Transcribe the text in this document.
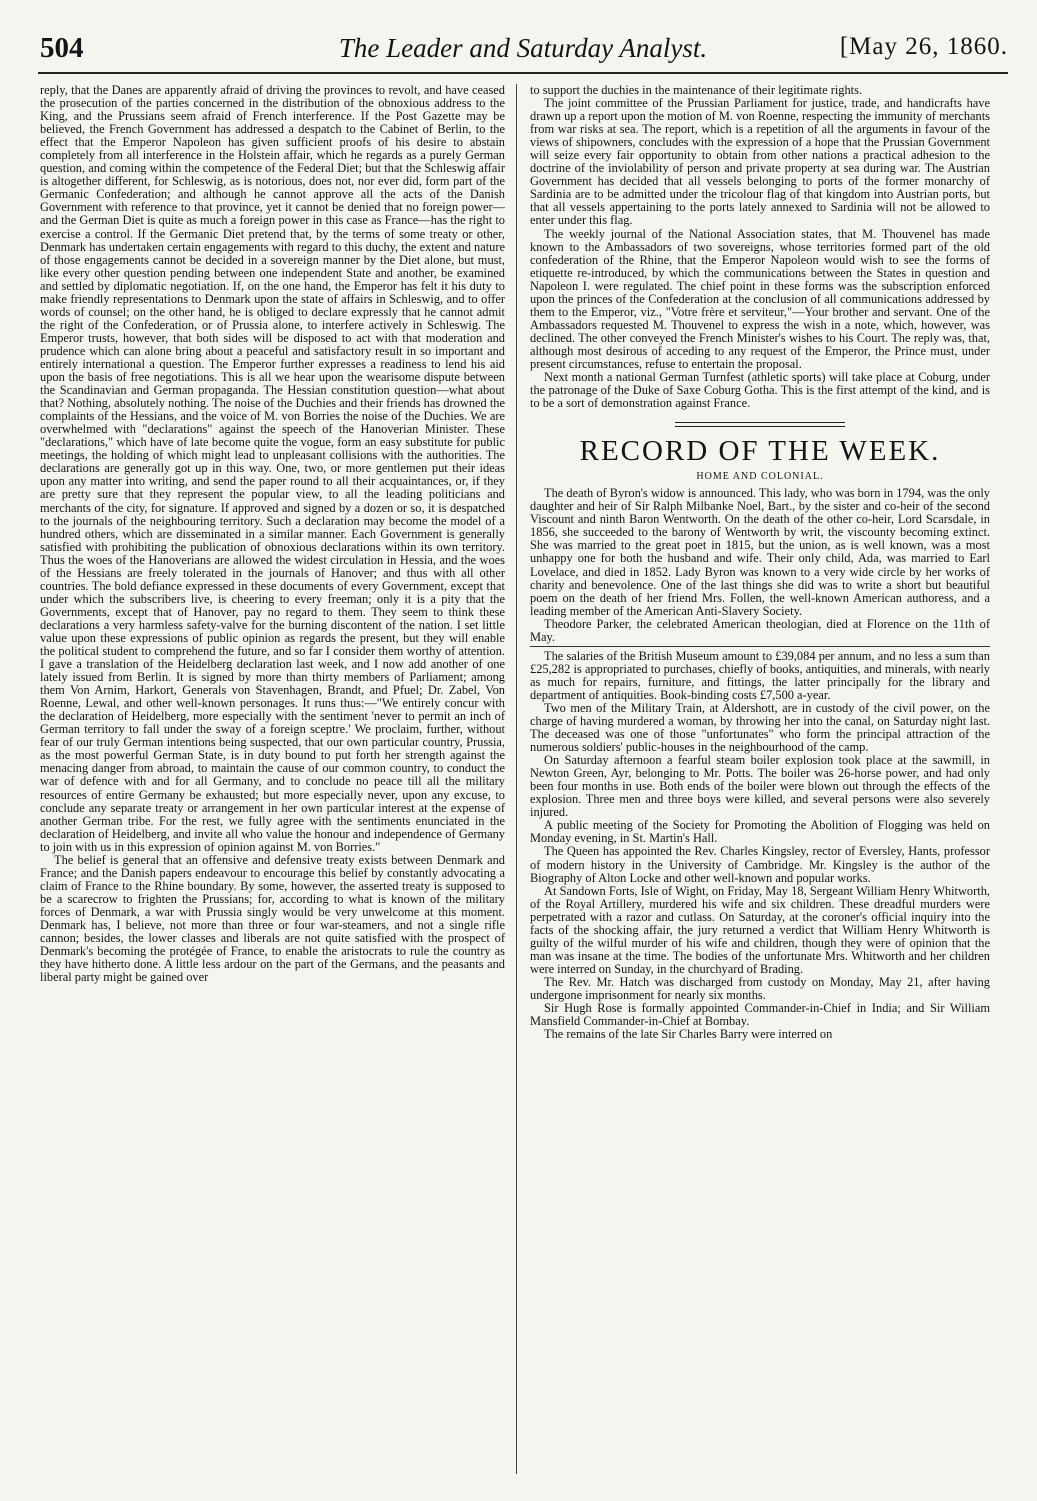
504	The Leader and Saturday Analyst.	[May 26, 1860.

reply, that the Danes are apparently afraid of driving the provinces to revolt, and have ceased the prosecution of the parties concerned in the distribution of the obnoxious address to the King, and the Prussians seem afraid of French interference. If the Post Gazette may be believed, the French Government has addressed a despatch to the Cabinet of Berlin, to the effect that the Emperor Napoleon has given sufficient proofs of his desire to abstain completely from all interference in the Holstein affair, which he regards as a purely German question, and coming within the competence of the Federal Diet; but that the Schleswig affair is altogether different, for Schleswig, as is notorious, does not, nor ever did, form part of the Germanic Confederation; and although he cannot approve all the acts of the Danish Government with reference to that province, yet it cannot be denied that no foreign power—and the German Diet is quite as much a foreign power in this case as France—has the right to exercise a control. If the Germanic Diet pretend that, by the terms of some treaty or other, Denmark has undertaken certain engagements with regard to this duchy, the extent and nature of those engagements cannot be decided in a sovereign manner by the Diet alone, but must, like every other question pending between one independent State and another, be examined and settled by diplomatic negotiation. If, on the one hand, the Emperor has felt it his duty to make friendly representations to Denmark upon the state of affairs in Schleswig, and to offer words of counsel; on the other hand, he is obliged to declare expressly that he cannot admit the right of the Confederation, or of Prussia alone, to interfere actively in Schleswig. The Emperor trusts, however, that both sides will be disposed to act with that moderation and prudence which can alone bring about a peaceful and satisfactory result in so important and entirely international a question. The Emperor further expresses a readiness to lend his aid upon the basis of free negotiations. This is all we hear upon the wearisome dispute between the Scandinavian and German propaganda. The Hessian constitution question—what about that? Nothing, absolutely nothing. The noise of the Duchies and their friends has drowned the complaints of the Hessians, and the voice of M. von Borries the noise of the Duchies. We are overwhelmed with "declarations" against the speech of the Hanoverian Minister. These "declarations," which have of late become quite the vogue, form an easy substitute for public meetings, the holding of which might lead to unpleasant collisions with the authorities. The declarations are generally got up in this way. One, two, or more gentlemen put their ideas upon any matter into writing, and send the paper round to all their acquaintances, or, if they are pretty sure that they represent the popular view, to all the leading politicians and merchants of the city, for signature. If approved and signed by a dozen or so, it is despatched to the journals of the neighbouring territory. Such a declaration may become the model of a hundred others, which are disseminated in a similar manner. Each Government is generally satisfied with prohibiting the publication of obnoxious declarations within its own territory. Thus the woes of the Hanoverians are allowed the widest circulation in Hessia, and the woes of the Hessians are freely tolerated in the journals of Hanover; and thus with all other countries. The bold defiance expressed in these documents of every Government, except that under which the subscribers live, is cheering to every freeman; only it is a pity that the Governments, except that of Hanover, pay no regard to them. They seem to think these declarations a very harmless safety-valve for the burning discontent of the nation. I set little value upon these expressions of public opinion as regards the present, but they will enable the political student to comprehend the future, and so far I consider them worthy of attention. I gave a translation of the Heidelberg declaration last week, and I now add another of one lately issued from Berlin. It is signed by more than thirty members of Parliament; among them Von Arnim, Harkort, Generals von Stavenhagen, Brandt, and Pfuel; Dr. Zabel, Von Roenne, Lewal, and other well-known personages. It runs thus:—"We entirely concur with the declaration of Heidelberg, more especially with the sentiment 'never to permit an inch of German territory to fall under the sway of a foreign sceptre.' We proclaim, further, without fear of our truly German intentions being suspected, that our own particular country, Prussia, as the most powerful German State, is in duty bound to put forth her strength against the menacing danger from abroad, to maintain the cause of our common country, to conduct the war of defence with and for all Germany, and to conclude no peace till all the military resources of entire Germany be exhausted; but more especially never, upon any excuse, to conclude any separate treaty or arrangement in her own particular interest at the expense of another German tribe. For the rest, we fully agree with the sentiments enunciated in the declaration of Heidelberg, and invite all who value the honour and independence of Germany to join with us in this expression of opinion against M. von Borries."

The belief is general that an offensive and defensive treaty exists between Denmark and France; and the Danish papers endeavour to encourage this belief by constantly advocating a claim of France to the Rhine boundary. By some, however, the asserted treaty is supposed to be a scarecrow to frighten the Prussians; for, according to what is known of the military forces of Denmark, a war with Prussia singly would be very unwelcome at this moment. Denmark has, I believe, not more than three or four war-steamers, and not a single rifle cannon; besides, the lower classes and liberals are not quite satisfied with the prospect of Denmark's becoming the protégée of France, to enable the aristocrats to rule the country as they have hitherto done. A little less ardour on the part of the Germans, and the peasants and liberal party might be gained over

to support the duchies in the maintenance of their legitimate rights.

The joint committee of the Prussian Parliament for justice, trade, and handicrafts have drawn up a report upon the motion of M. von Roenne, respecting the immunity of merchants from war risks at sea. The report, which is a repetition of all the arguments in favour of the views of shipowners, concludes with the expression of a hope that the Prussian Government will seize every fair opportunity to obtain from other nations a practical adhesion to the doctrine of the inviolability of person and private property at sea during war. The Austrian Government has decided that all vessels belonging to ports of the former monarchy of Sardinia are to be admitted under the tricolour flag of that kingdom into Austrian ports, but that all vessels appertaining to the ports lately annexed to Sardinia will not be allowed to enter under this flag.

The weekly journal of the National Association states, that M. Thouvenel has made known to the Ambassadors of two sovereigns, whose territories formed part of the old confederation of the Rhine, that the Emperor Napoleon would wish to see the forms of etiquette re-introduced, by which the communications between the States in question and Napoleon I. were regulated. The chief point in these forms was the subscription enforced upon the princes of the Confederation at the conclusion of all communications addressed by them to the Emperor, viz., "Votre frère et serviteur,"—Your brother and servant. One of the Ambassadors requested M. Thouvenel to express the wish in a note, which, however, was declined. The other conveyed the French Minister's wishes to his Court. The reply was, that, although most desirous of acceding to any request of the Emperor, the Prince must, under present circumstances, refuse to entertain the proposal.

Next month a national German Turnfest (athletic sports) will take place at Coburg, under the patronage of the Duke of Saxe Coburg Gotha. This is the first attempt of the kind, and is to be a sort of demonstration against France.

RECORD OF THE WEEK.
HOME AND COLONIAL.

The death of Byron's widow is announced. This lady, who was born in 1794, was the only daughter and heir of Sir Ralph Milbanke Noel, Bart., by the sister and co-heir of the second Viscount and ninth Baron Wentworth. On the death of the other co-heir, Lord Scarsdale, in 1856, she succeeded to the barony of Wentworth by writ, the viscounty becoming extinct. She was married to the great poet in 1815, but the union, as is well known, was a most unhappy one for both the husband and wife. Their only child, Ada, was married to Earl Lovelace, and died in 1852. Lady Byron was known to a very wide circle by her works of charity and benevolence. One of the last things she did was to write a short but beautiful poem on the death of her friend Mrs. Follen, the well-known American authoress, and a leading member of the American Anti-Slavery Society.

Theodore Parker, the celebrated American theologian, died at Florence on the 11th of May.

The salaries of the British Museum amount to £39,084 per annum, and no less a sum than £25,282 is appropriated to purchases, chiefly of books, antiquities, and minerals, with nearly as much for repairs, furniture, and fittings, the latter principally for the library and department of antiquities. Book-binding costs £7,500 a-year.

Two men of the Military Train, at Aldershott, are in custody of the civil power, on the charge of having murdered a woman, by throwing her into the canal, on Saturday night last. The deceased was one of those "unfortunates" who form the principal attraction of the numerous soldiers' public-houses in the neighbourhood of the camp.

On Saturday afternoon a fearful steam boiler explosion took place at the sawmill, in Newton Green, Ayr, belonging to Mr. Potts. The boiler was 26-horse power, and had only been four months in use. Both ends of the boiler were blown out through the effects of the explosion. Three men and three boys were killed, and several persons were also severely injured.

A public meeting of the Society for Promoting the Abolition of Flogging was held on Monday evening, in St. Martin's Hall.

The Queen has appointed the Rev. Charles Kingsley, rector of Eversley, Hants, professor of modern history in the University of Cambridge. Mr. Kingsley is the author of the Biography of Alton Locke and other well-known and popular works.

At Sandown Forts, Isle of Wight, on Friday, May 18, Sergeant William Henry Whitworth, of the Royal Artillery, murdered his wife and six children. These dreadful murders were perpetrated with a razor and cutlass. On Saturday, at the coroner's official inquiry into the facts of the shocking affair, the jury returned a verdict that William Henry Whitworth is guilty of the wilful murder of his wife and children, though they were of opinion that the man was insane at the time. The bodies of the unfortunate Mrs. Whitworth and her children were interred on Sunday, in the churchyard of Brading.

The Rev. Mr. Hatch was discharged from custody on Monday, May 21, after having undergone imprisonment for nearly six months.

Sir Hugh Rose is formally appointed Commander-in-Chief in India; and Sir William Mansfield Commander-in-Chief at Bombay.

The remains of the late Sir Charles Barry were interred on
